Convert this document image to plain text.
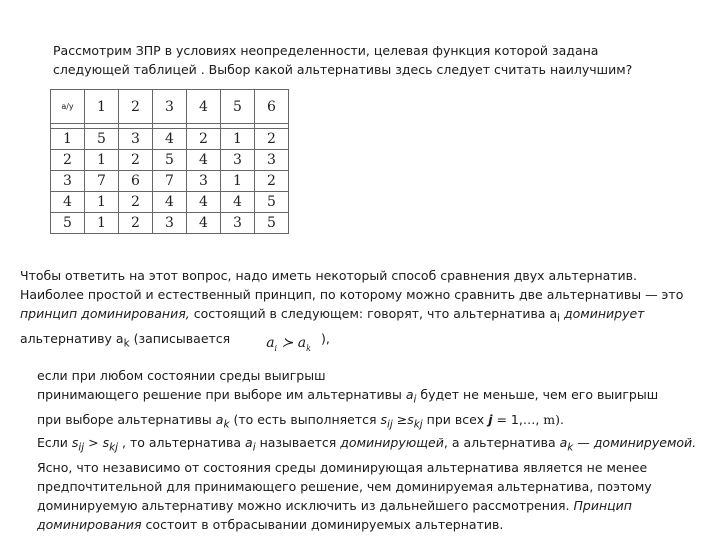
Рассмотрим ЗПР в условиях неопределенности, целевая функция которой задана
следующей таблицей . Выбор какой альтернативы здесь следует считать наилучшим?
a/y	1	2	3	4	5	6

1	5	3	4	2	1	2
2	1	2	5	4	3	3
3	7	6	7	3	1	2
4	1	2	4	4	4	5
5	1	2	3	4	3	5
Чтобы ответить на этот вопрос, надо иметь некоторый способ сравнения двух альтернатив.
Наиболее простой и естественный принцип, по которому можно сравнить две альтернативы — это
принцип доминирования, состоящий в следующем: говорят, что альтернатива $a_i$ доминирует
альтернативу $a_k$ (записывается	$a_i$ ≻ $a_k$),
если при любом состоянии среды выигрыш
принимающего решение при выборе им альтернативы $a_i$ будет не меньше, чем его выигрыш
при выборе альтернативы $a_k$ (то есть выполняется $s_{ij} \ge s_{kj}$ при всех j = 1,…, m).
Если $s_{ij} > s_{kj}$ , то альтернатива $a_i$ называется доминирующей, а альтернатива $a_k$ — доминируемой.
Ясно, что независимо от состояния среды доминирующая альтернатива является не менее
предпочтительной для принимающего решение, чем доминируемая альтернатива, поэтому
доминируемую альтернативу можно исключить из дальнейшего рассмотрения. Принцип
доминирования состоит в отбрасывании доминируемых альтернатив.
